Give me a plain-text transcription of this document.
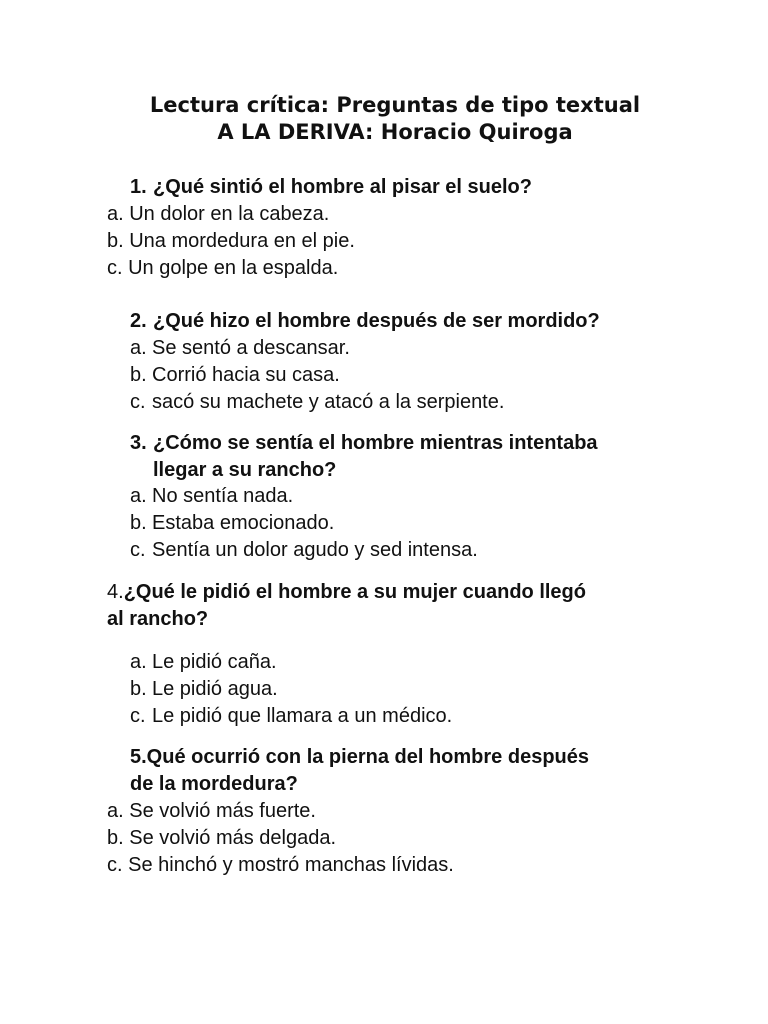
Lectura crítica: Preguntas de tipo textual
A LA DERIVA: Horacio Quiroga
1. ¿Qué sintió el hombre al pisar el suelo?
a. Un dolor en la cabeza.
b. Una mordedura en el pie.
c. Un golpe en la espalda.
2. ¿Qué hizo el hombre después de ser mordido?
a. Se sentó a descansar.
b. Corrió hacia su casa.
c. sacó su machete y atacó a la serpiente.
3. ¿Cómo se sentía el hombre mientras intentaba
llegar a su rancho?
a. No sentía nada.
b. Estaba emocionado.
c. Sentía un dolor agudo y sed intensa.
4.¿Qué le pidió el hombre a su mujer cuando llegó
al rancho?
a. Le pidió caña.
b. Le pidió agua.
c. Le pidió que llamara a un médico.
5.Qué ocurrió con la pierna del hombre después
de la mordedura?
a. Se volvió más fuerte.
b. Se volvió más delgada.
c. Se hinchó y mostró manchas lívidas.
